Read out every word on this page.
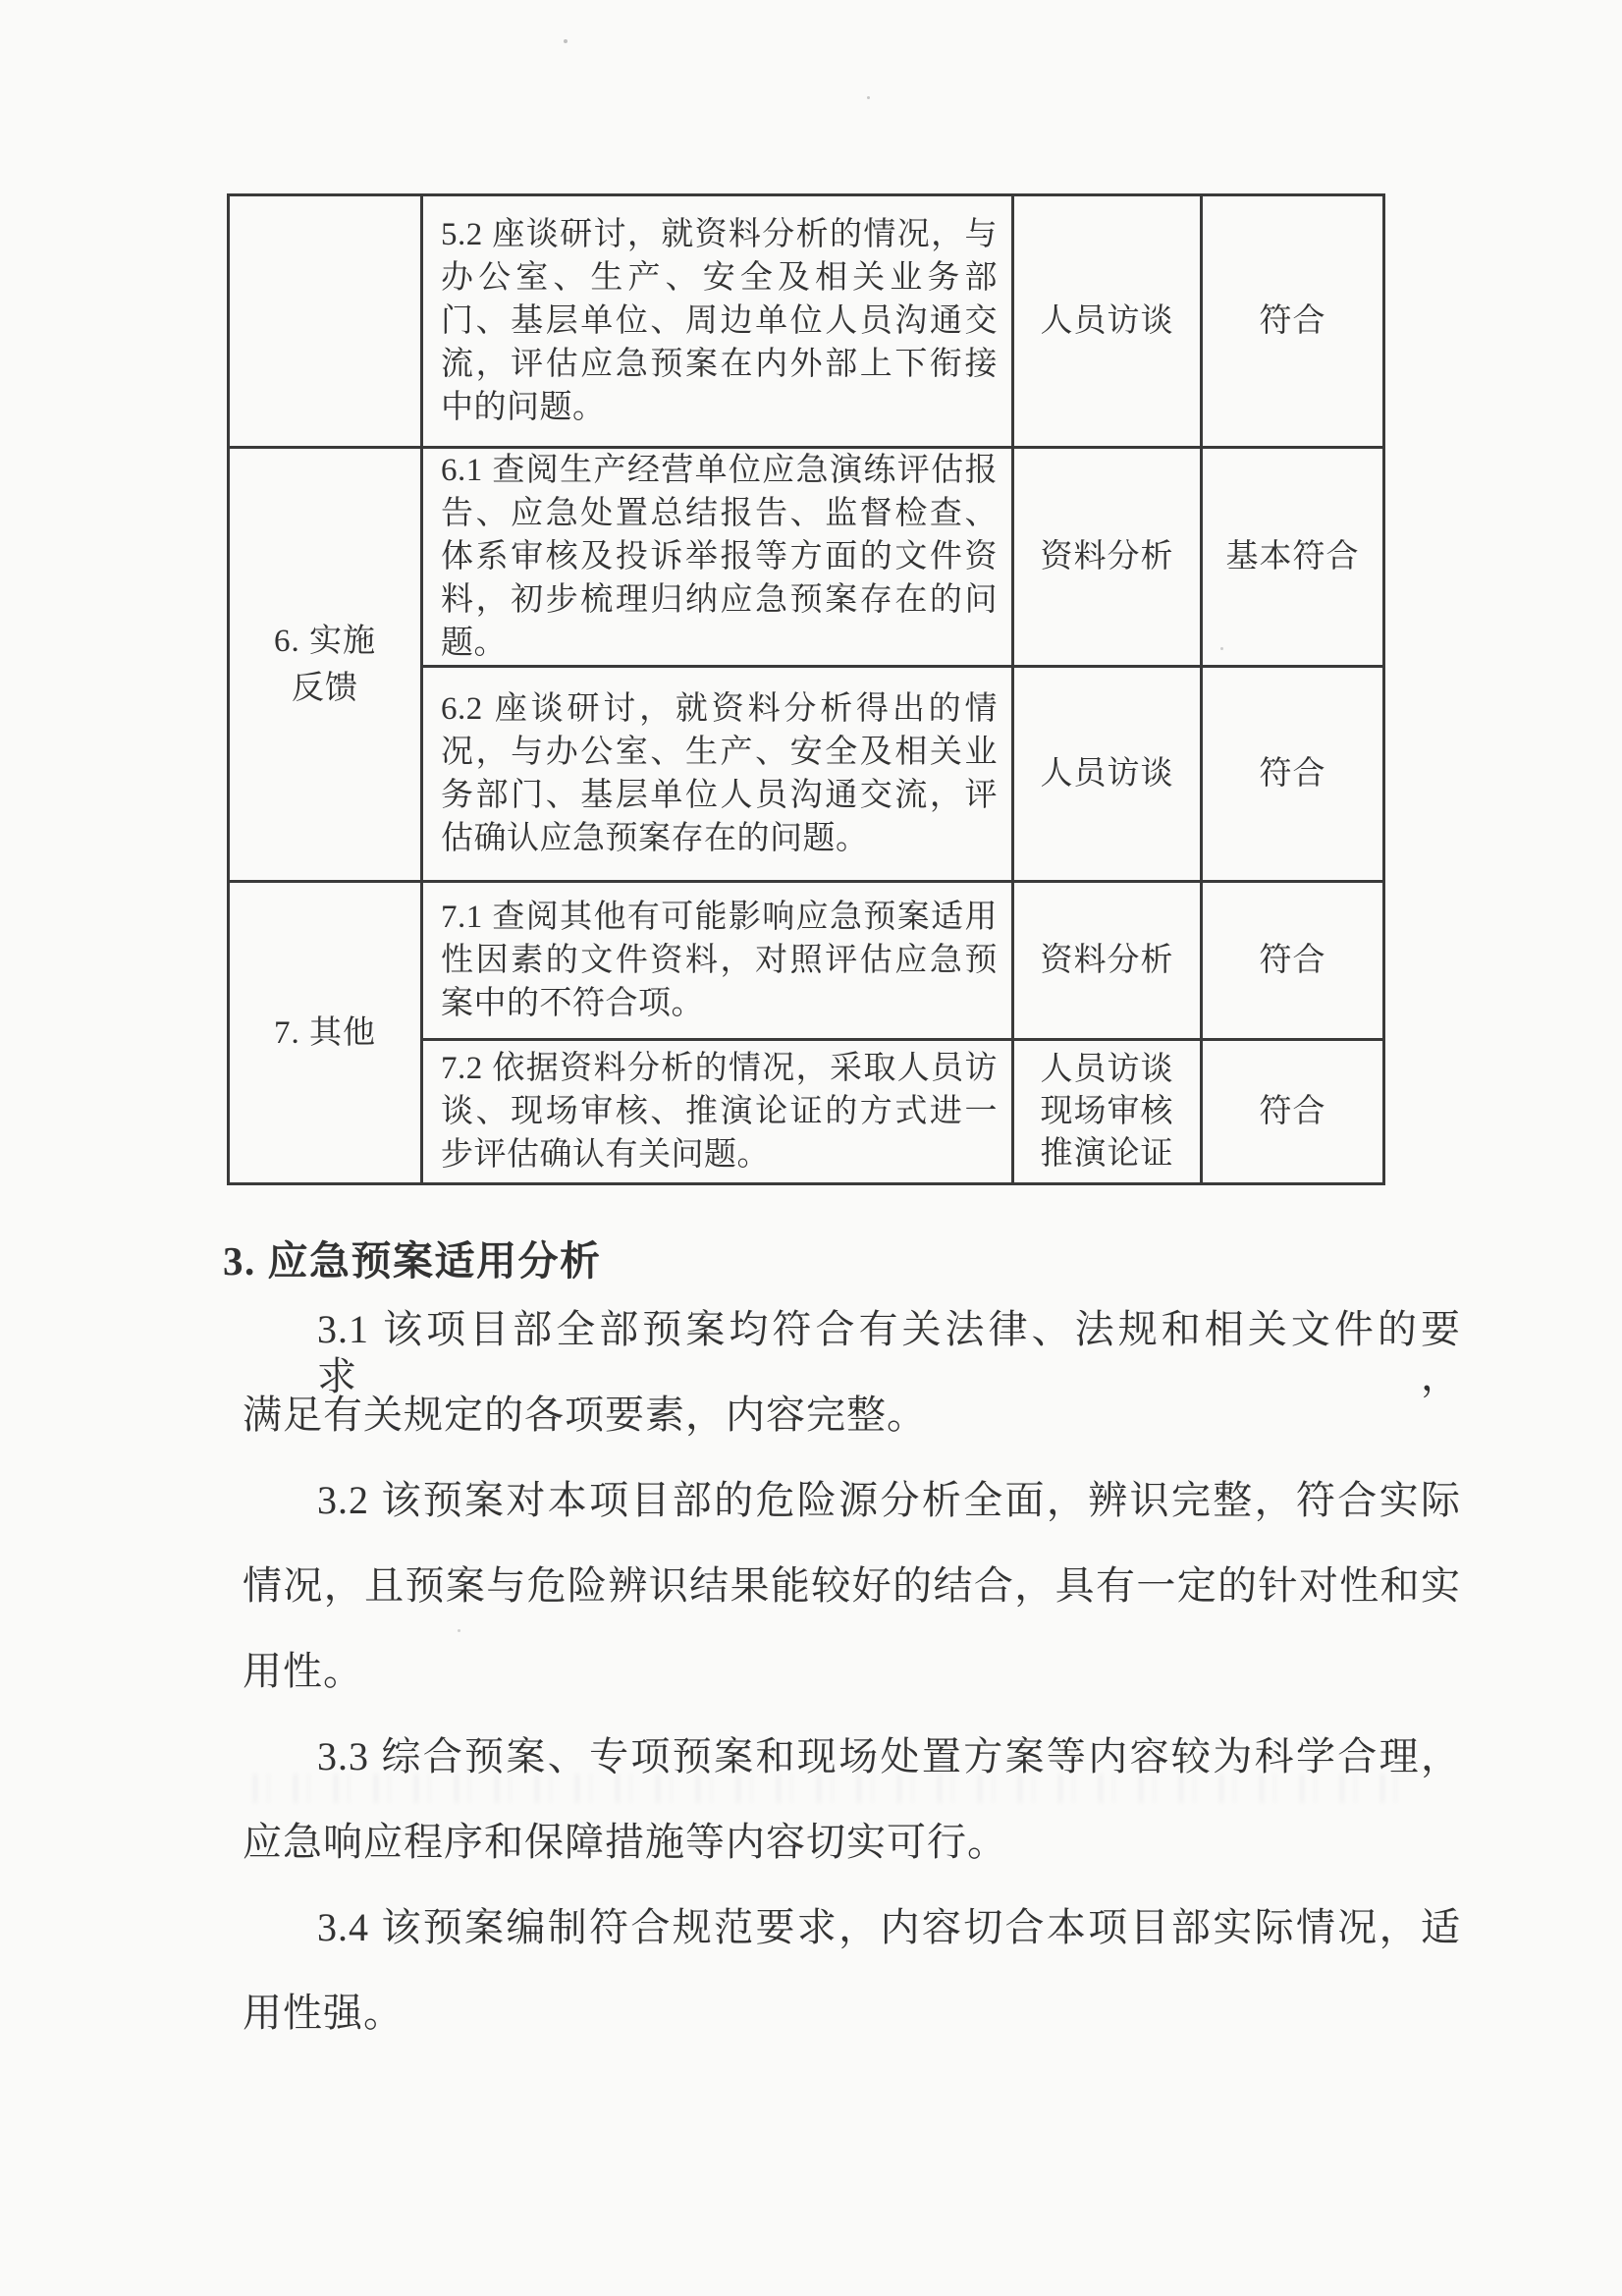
	5.2 座谈研讨，就资料分析的情况，与办公室、生产、安全及相关业务部门、基层单位、周边单位人员沟通交流，评估应急预案在内外部上下衔接中的问题。	人员访谈	符合

6. 实施
反馈	6.1 查阅生产经营单位应急演练评估报告、应急处置总结报告、监督检查、体系审核及投诉举报等方面的文件资料，初步梳理归纳应急预案存在的问题。	资料分析	基本符合

	6.2 座谈研讨，就资料分析得出的情况，与办公室、生产、安全及相关业务部门、基层单位人员沟通交流，评估确认应急预案存在的问题。	人员访谈	符合
7. 其他	7.1 查阅其他有可能影响应急预案适用性因素的文件资料，对照评估应急预案中的不符合项。	资料分析	符合

	7.2 依据资料分析的情况，采取人员访谈、现场审核、推演论证的方式进一步评估确认有关问题。	人员访谈
现场审核
推演论证	符合
3. 应急预案适用分析
3.1 该项目部全部预案均符合有关法律、法规和相关文件的要求，
满足有关规定的各项要素，内容完整。
3.2 该预案对本项目部的危险源分析全面，辨识完整，符合实际
情况，且预案与危险辨识结果能较好的结合，具有一定的针对性和实
用性。
3.3 综合预案、专项预案和现场处置方案等内容较为科学合理，
应急响应程序和保障措施等内容切实可行。
3.4 该预案编制符合规范要求，内容切合本项目部实际情况，适
用性强。
